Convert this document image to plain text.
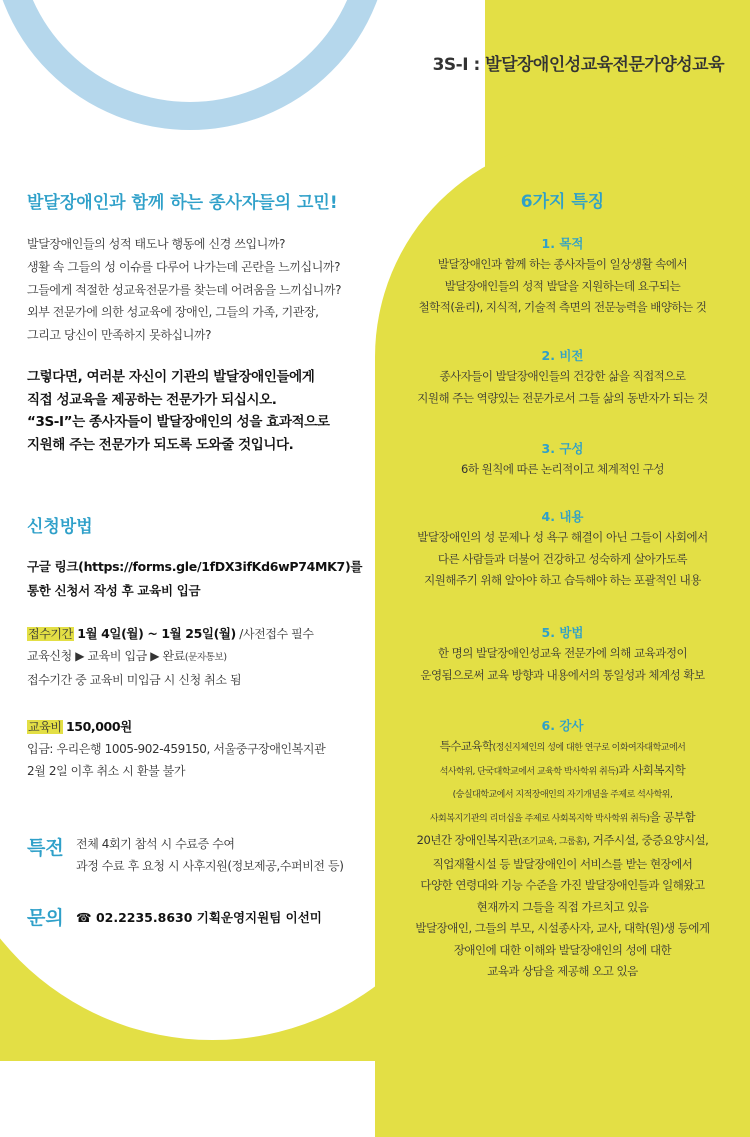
3S-I : 발달장애인성교육전문가양성교육
발달장애인과 함께 하는 종사자들의 고민!
발달장애인들의 성적 태도나 행동에 신경 쓰입니까?
생활 속 그들의 성 이슈를 다루어 나가는데 곤란을 느끼십니까?
그들에게 적절한 성교육전문가를 찾는데 어려움을 느끼십니까?
외부 전문가에 의한 성교육에 장애인, 그들의 가족, 기관장,
그리고 당신이 만족하지 못하십니까?
그렇다면, 여러분 자신이 기관의 발달장애인들에게
직접 성교육을 제공하는 전문가가 되십시오.
“3S-I”는 종사자들이 발달장애인의 성을 효과적으로
지원해 주는 전문가가 되도록 도와줄 것입니다.
신청방법
구글 링크(https://forms.gle/1fDX3ifKd6wP74MK7)를
통한 신청서 작성 후 교육비 입금
접수기간 1월 4일(월) ~ 1월 25일(월) /사전접수 필수
교육신청 ▶ 교육비 입금 ▶ 완료(문자통보)
접수기간 중 교육비 미입금 시 신청 취소 됨
교육비 150,000원
입금: 우리은행 1005-902-459150, 서울중구장애인복지관
2월 2일 이후 취소 시 환불 불가
특전 전체 4회기 참석 시 수료증 수여
과정 수료 후 요청 시 사후지원(정보제공,수퍼비전 등)
문의 ☎ 02.2235.8630 기획운영지원팀 이선미
6가지 특징
1. 목적
발달장애인과 함께 하는 종사자들이 일상생활 속에서
발달장애인들의 성적 발달을 지원하는데 요구되는
철학적(윤리), 지식적, 기술적 측면의 전문능력을 배양하는 것
2. 비전
종사자들이 발달장애인들의 건강한 삶을 직접적으로
지원해 주는 역량있는 전문가로서 그들 삶의 동반자가 되는 것
3. 구성
6하 원칙에 따른 논리적이고 체계적인 구성
4. 내용
발달장애인의 성 문제나 성 욕구 해결이 아닌 그들이 사회에서
다른 사람들과 더불어 건강하고 성숙하게 살아가도록
지원해주기 위해 알아야 하고 습득해야 하는 포괄적인 내용
5. 방법
한 명의 발달장애인성교육 전문가에 의해 교육과정이
운영됨으로써 교육 방향과 내용에서의 통일성과 체계성 확보
6. 강사
특수교육학(정신지체인의 성에 대한 연구로 이화여자대학교에서
석사학위, 단국대학교에서 교육학 박사학위 취득)과 사회복지학
(숭실대학교에서 지적장애인의 자기개념을 주제로 석사학위,
사회복지기관의 리더십을 주제로 사회복지학 박사학위 취득)을 공부함
20년간 장애인복지관(조기교육, 그룹홈), 거주시설, 중증요양시설,
직업재활시설 등 발달장애인이 서비스를 받는 현장에서
다양한 연령대와 기능 수준을 가진 발달장애인들과 일해왔고
현재까지 그들을 직접 가르치고 있음
발달장애인, 그들의 부모, 시설종사자, 교사, 대학(원)생 등에게
장애인에 대한 이해와 발달장애인의 성에 대한
교육과 상담을 제공해 오고 있음
